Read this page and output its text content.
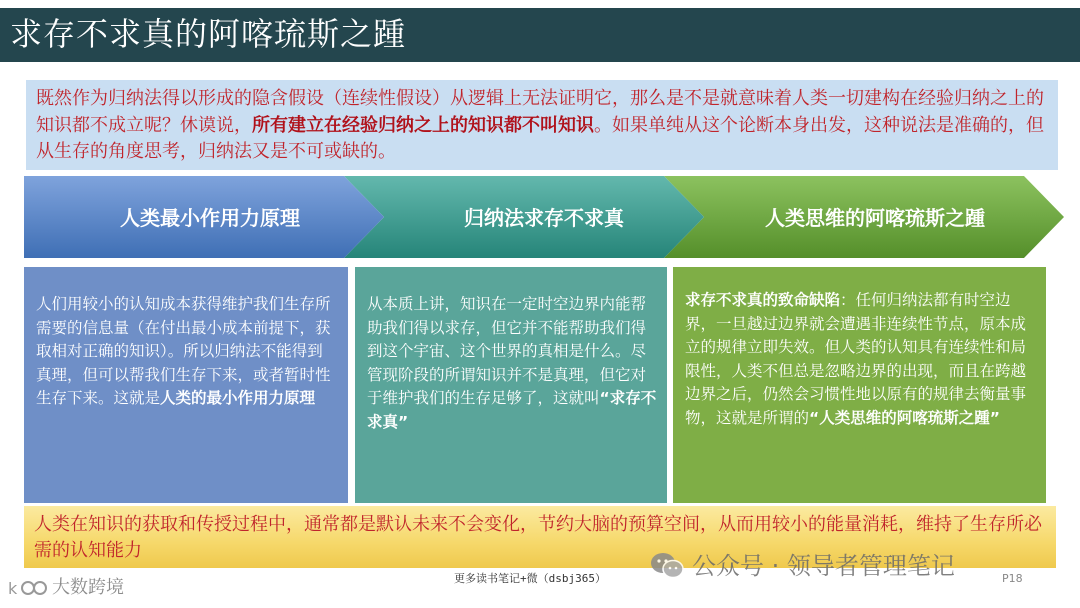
求存不求真的阿喀琉斯之踵
既然作为归纳法得以形成的隐含假设（连续性假设）从逻辑上无法证明它，那么是不是就意味着人类一切建构在经验归纳之上的知识都不成立呢？休谟说，所有建立在经验归纳之上的知识都不叫知识。如果单纯从这个论断本身出发，这种说法是准确的，但从生存的角度思考，归纳法又是不可或缺的。
人类最小作用力原理	归纳法求存不求真	人类思维的阿喀琉斯之踵
人们用较小的认知成本获得维护我们生存所需要的信息量（在付出最小成本前提下，获取相对正确的知识）。所以归纳法不能得到真理，但可以帮我们生存下来，或者暂时性生存下来。这就是人类的最小作用力原理
从本质上讲，知识在一定时空边界内能帮助我们得以求存，但它并不能帮助我们得到这个宇宙、这个世界的真相是什么。尽管现阶段的所谓知识并不是真理，但它对于维护我们的生存足够了，这就叫“求存不求真”
求存不求真的致命缺陷：任何归纳法都有时空边界，一旦越过边界就会遭遇非连续性节点，原本成立的规律立即失效。但人类的认知具有连续性和局限性，人类不但总是忽略边界的出现，而且在跨越边界之后，仍然会习惯性地以原有的规律去衡量事物，这就是所谓的“人类思维的阿喀琉斯之踵”
人类在知识的获取和传授过程中，通常都是默认未来不会变化，节约大脑的预算空间，从而用较小的能量消耗，维持了生存所必需的认知能力
更多读书笔记+微（dsbj365）	P18
公众号 · 领导者管理笔记
k 大数跨境
